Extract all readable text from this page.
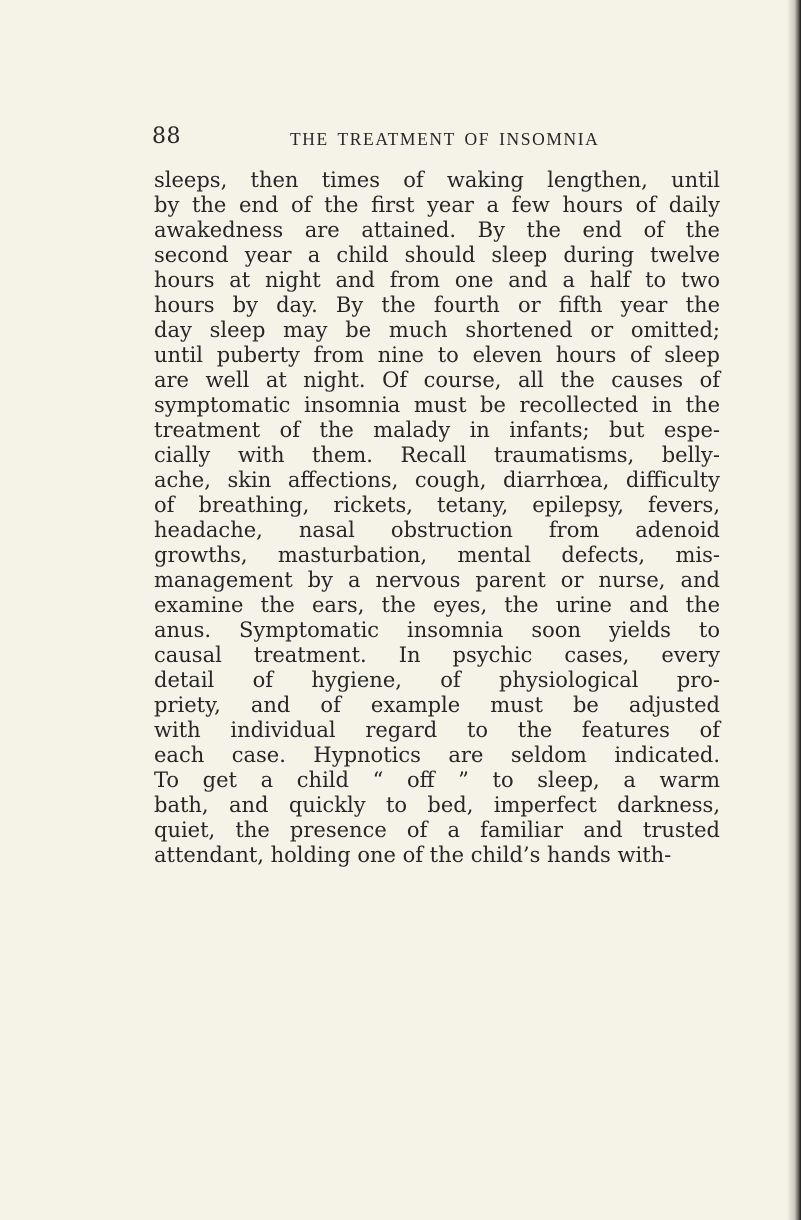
88	THE TREATMENT OF INSOMNIA
sleeps, then times of waking lengthen, until
by the end of the first year a few hours of daily
awakedness are attained. By the end of the
second year a child should sleep during twelve
hours at night and from one and a half to two
hours by day. By the fourth or fifth year the
day sleep may be much shortened or omitted;
until puberty from nine to eleven hours of sleep
are well at night. Of course, all the causes of
symptomatic insomnia must be recollected in the
treatment of the malady in infants; but espe-
cially with them. Recall traumatisms, belly-
ache, skin affections, cough, diarrhœa, difficulty
of breathing, rickets, tetany, epilepsy, fevers,
headache, nasal obstruction from adenoid
growths, masturbation, mental defects, mis-
management by a nervous parent or nurse, and
examine the ears, the eyes, the urine and the
anus. Symptomatic insomnia soon yields to
causal treatment. In psychic cases, every
detail of hygiene, of physiological pro-
priety, and of example must be adjusted
with individual regard to the features of
each case. Hypnotics are seldom indicated.
To get a child “ off ” to sleep, a warm
bath, and quickly to bed, imperfect darkness,
quiet, the presence of a familiar and trusted
attendant, holding one of the child’s hands with-
